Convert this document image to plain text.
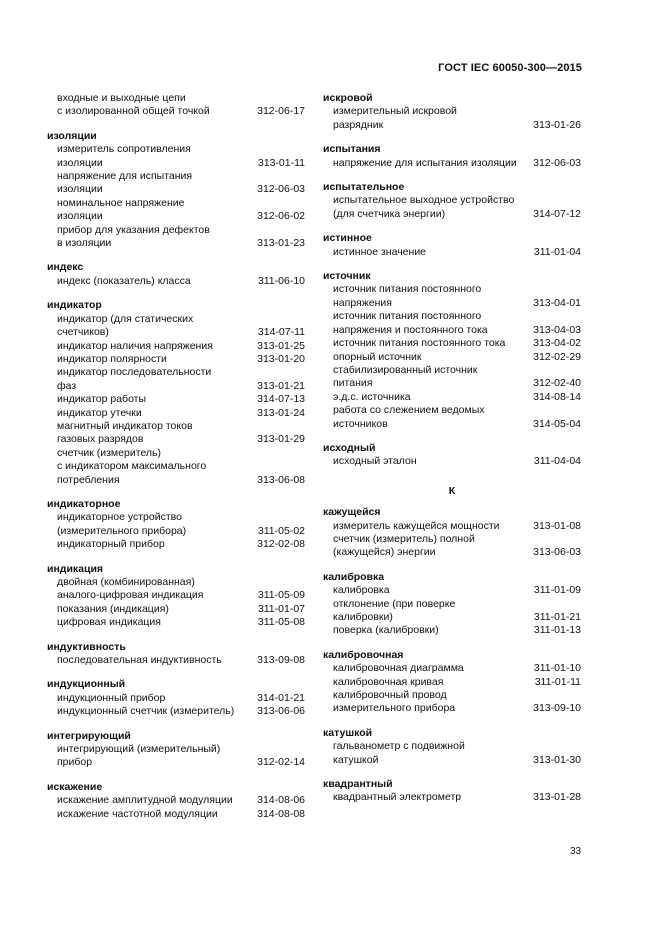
ГОСТ IEC 60050-300—2015
входные и выходные цепи
с изолированной общей точкой	312-06-17
изоляции
измеритель сопротивления
изоляции	313-01-11
напряжение для испытания
изоляции	312-06-03
номинальное напряжение
изоляции	312-06-02
прибор для указания дефектов
в изоляции	313-01-23
индекс
индекс (показатель) класса	311-06-10
индикатор
индикатор (для статических
счетчиков)	314-07-11
индикатор наличия напряжения	313-01-25
индикатор полярности	313-01-20
индикатор последовательности
фаз	313-01-21
индикатор работы	314-07-13
индикатор утечки	313-01-24
магнитный индикатор токов
газовых разрядов	313-01-29
счетчик (измеритель)
с индикатором максимального
потребления	313-06-08
индикаторное
индикаторное устройство
(измерительного прибора)	311-05-02
индикаторный прибор	312-02-08
индикация
двойная (комбинированная)
аналого-цифровая индикация	311-05-09
показания (индикация)	311-01-07
цифровая индикация	311-05-08
индуктивность
последовательная индуктивность	313-09-08
индукционный
индукционный прибор	314-01-21
индукционный счетчик (измеритель)	313-06-06
интегрирующий
интегрирующий (измерительный)
прибор	312-02-14
искажение
искажение амплитудной модуляции	314-08-06
искажение частотной модуляции	314-08-08
искровой
измерительный искровой
разрядник	313-01-26
испытания
напряжение для испытания изоляции 312-06-03
испытательное
испытательное выходное устройство
(для счетчика энергии)	314-07-12
истинное
истинное значение	311-01-04
источник
источник питания постоянного
напряжения	313-04-01
источник питания постоянного
напряжения и постоянного тока	313-04-03
источник питания постоянного тока	313-04-02
опорный источник	312-02-29
стабилизированный источник
питания	312-02-40
э.д.с. источника	314-08-14
работа со слежением ведомых
источников	314-05-04
исходный
исходный эталон	311-04-04
К
кажущейся
измеритель кажущейся мощности	313-01-08
счетчик (измеритель) полной
(кажущейся) энергии	313-06-03
калибровка
калибровка	311-01-09
отклонение (при поверке
калибровки)	311-01-21
поверка (калибровки)	311-01-13
калибровочная
калибровочная диаграмма	311-01-10
калибровочная кривая	311-01-11
калибровочный провод
измерительного прибора	313-09-10
катушкой
гальванометр с подвижной
катушкой	313-01-30
квадрантный
квадрантный электрометр	313-01-28
33
